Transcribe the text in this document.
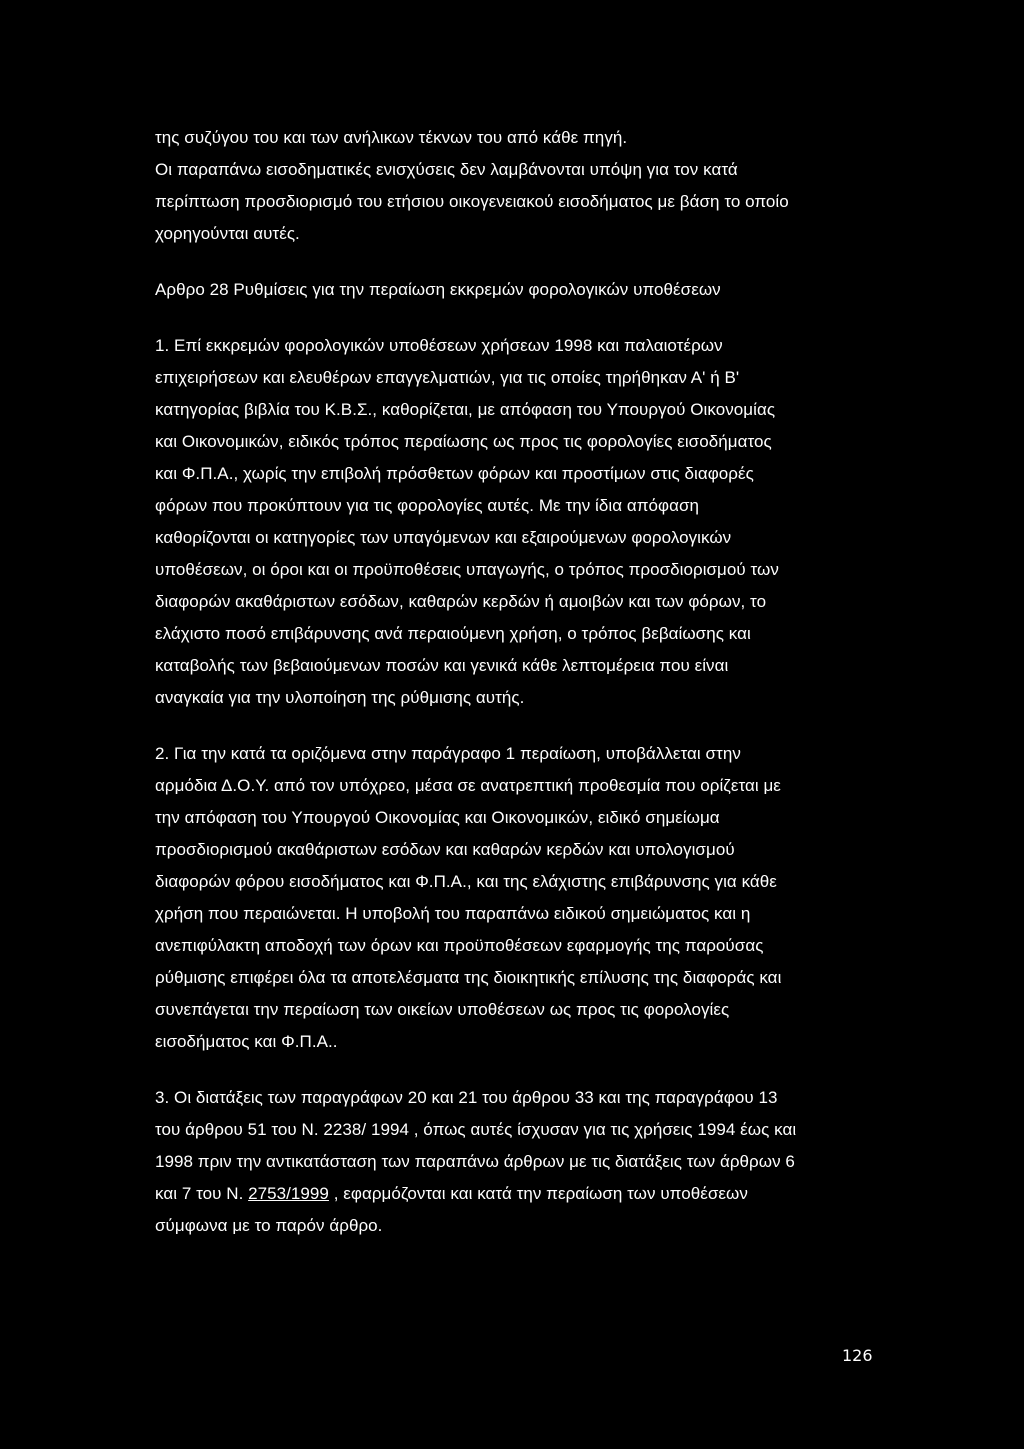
της συζύγου του και των ανήλικων τέκνων του από κάθε πηγή.
Οι παραπάνω εισοδηματικές ενισχύσεις δεν λαμβάνονται υπόψη για τον κατά
περίπτωση προσδιορισμό του ετήσιου οικογενειακού εισοδήματος με βάση το οποίο
χορηγούνται αυτές.
Αρθρο 28 Ρυθμίσεις για την περαίωση εκκρεμών φορολογικών υποθέσεων
1. Επί εκκρεμών φορολογικών υποθέσεων χρήσεων 1998 και παλαιοτέρων
επιχειρήσεων και ελευθέρων επαγγελματιών, για τις οποίες τηρήθηκαν Α' ή Β'
κατηγορίας βιβλία του Κ.Β.Σ., καθορίζεται, με απόφαση του Υπουργού Οικονομίας
και Οικονομικών, ειδικός τρόπος περαίωσης ως προς τις φορολογίες εισοδήματος
και Φ.Π.Α., χωρίς την επιβολή πρόσθετων φόρων και προστίμων στις διαφορές
φόρων που προκύπτουν για τις φορολογίες αυτές. Με την ίδια απόφαση
καθορίζονται οι κατηγορίες των υπαγόμενων και εξαιρούμενων φορολογικών
υποθέσεων, οι όροι και οι προϋποθέσεις υπαγωγής, ο τρόπος προσδιορισμού των
διαφορών ακαθάριστων εσόδων, καθαρών κερδών ή αμοιβών και των φόρων, το
ελάχιστο ποσό επιβάρυνσης ανά περαιούμενη χρήση, ο τρόπος βεβαίωσης και
καταβολής των βεβαιούμενων ποσών και γενικά κάθε λεπτομέρεια που είναι
αναγκαία για την υλοποίηση της ρύθμισης αυτής.
2. Για την κατά τα οριζόμενα στην παράγραφο 1 περαίωση, υποβάλλεται στην
αρμόδια Δ.Ο.Υ. από τον υπόχρεο, μέσα σε ανατρεπτική προθεσμία που ορίζεται με
την απόφαση του Υπουργού Οικονομίας και Οικονομικών, ειδικό σημείωμα
προσδιορισμού ακαθάριστων εσόδων και καθαρών κερδών και υπολογισμού
διαφορών φόρου εισοδήματος και Φ.Π.Α., και της ελάχιστης επιβάρυνσης για κάθε
χρήση που περαιώνεται. Η υποβολή του παραπάνω ειδικού σημειώματος και η
ανεπιφύλακτη αποδοχή των όρων και προϋποθέσεων εφαρμογής της παρούσας
ρύθμισης επιφέρει όλα τα αποτελέσματα της διοικητικής επίλυσης της διαφοράς και
συνεπάγεται την περαίωση των οικείων υποθέσεων ως προς τις φορολογίες
εισοδήματος και Φ.Π.Α..
3. Οι διατάξεις των παραγράφων 20 και 21 του άρθρου 33 και της παραγράφου 13
του άρθρου 51 του Ν. 2238/ 1994 , όπως αυτές ίσχυσαν για τις χρήσεις 1994 έως και
1998 πριν την αντικατάσταση των παραπάνω άρθρων με τις διατάξεις των άρθρων 6
και 7 του Ν. 2753/1999 , εφαρμόζονται και κατά την περαίωση των υποθέσεων
σύμφωνα με το παρόν άρθρο.
126
